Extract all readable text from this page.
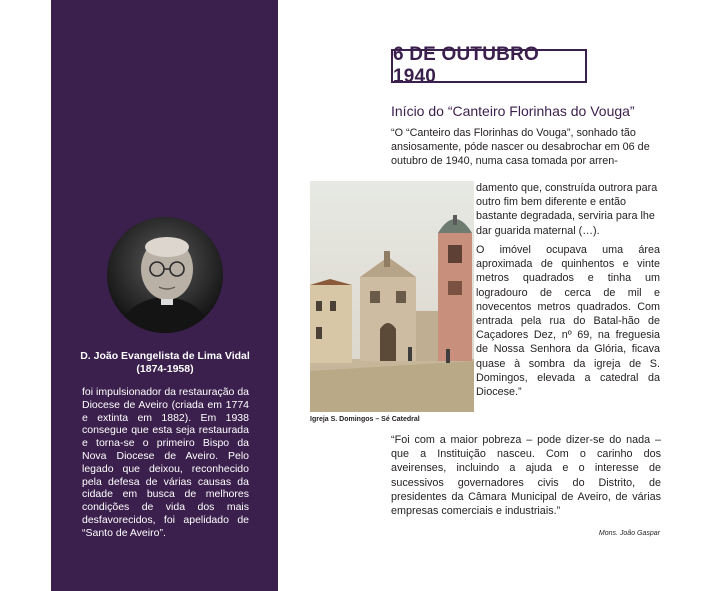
D. João Evangelista de Lima Vidal
(1874-1958)
foi impulsionador da restauração da Diocese de Aveiro (criada em 1774 e extinta em 1882). Em 1938 consegue que esta seja restaurada e torna-se o primeiro Bispo da Nova Diocese de Aveiro. Pelo legado que deixou, reconhecido pela defesa de várias causas da cidade em busca de melhores condições de vida dos mais desfavorecidos, foi apelidado de “Santo de Aveiro”.
6 DE OUTUBRO 1940
Início do “Canteiro Florinhas do Vouga”
“O “Canteiro das Florinhas do Vouga”, sonhado tão ansiosamente, póde nascer ou desabrochar em 06 de outubro de 1940, numa casa tomada por arren-
damento que, construída outrora para outro fim bem diferente e então bastante degradada, serviria para lhe dar guarida maternal (…).
O imóvel ocupava uma área aproximada de quinhentos e vinte metros quadrados e tinha um logradouro de cerca de mil e novecentos metros quadrados. Com entrada pela rua do Batal-hão de Caçadores Dez, nº 69, na freguesia de Nossa Senhora da Glória, ficava quase à sombra da igreja de S. Domingos, elevada a catedral da Diocese.”
Igreja S. Domingos – Sé Catedral
“Foi com a maior pobreza – pode dizer-se do nada – que a Instituição nasceu. Com o carinho dos aveirenses, incluindo a ajuda e o interesse de sucessivos governadores civis do Distrito, de presidentes da Câmara Municipal de Aveiro, de várias empresas comerciais e industriais.”
Mons. João Gaspar
